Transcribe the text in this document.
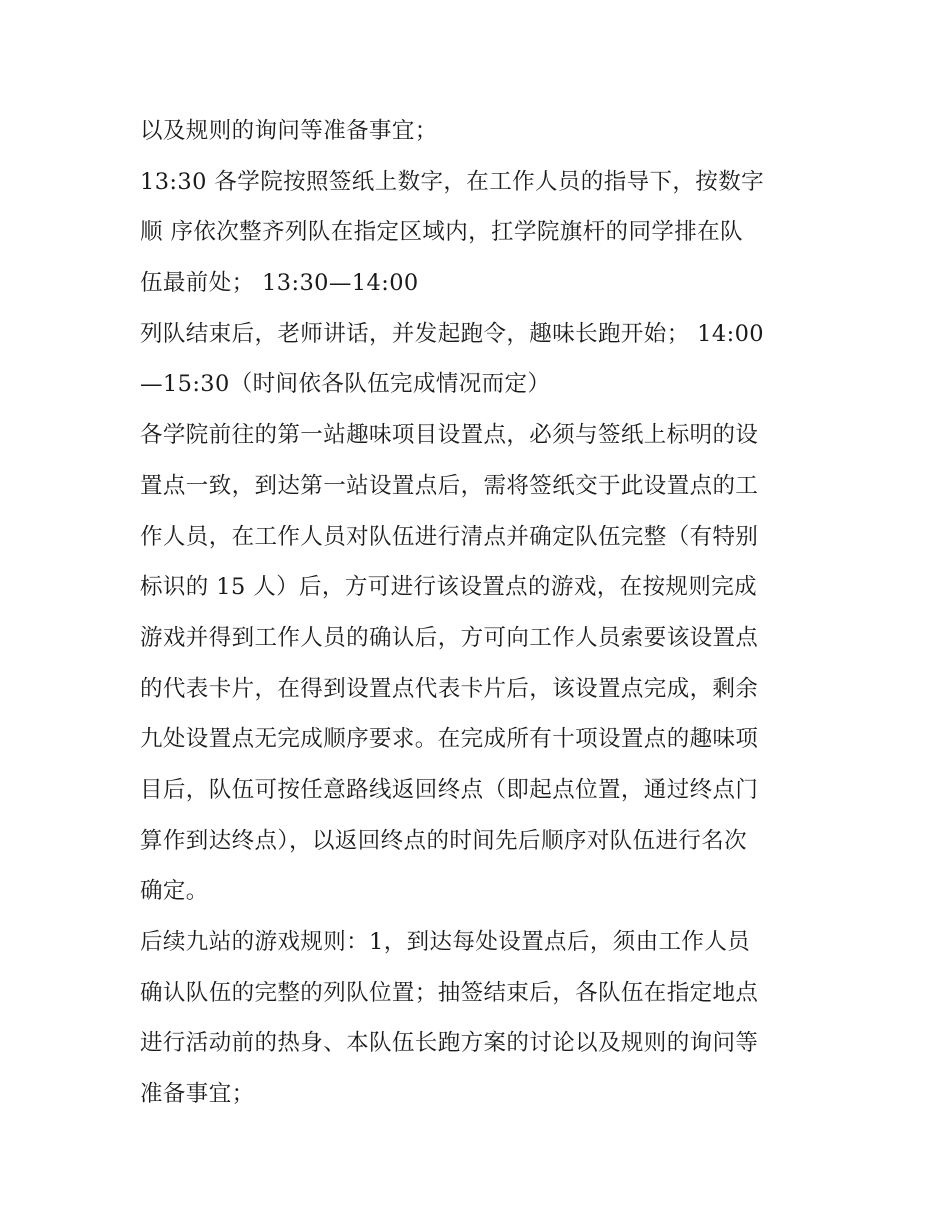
以及规则的询问等准备事宜；
13:30 各学院按照签纸上数字，在工作人员的指导下，按数字
顺 序依次整齐列队在指定区域内，扛学院旗杆的同学排在队
伍最前处； 13:30—14:00
列队结束后，老师讲话，并发起跑令，趣味长跑开始； 14:00
—15:30（时间依各队伍完成情况而定）
各学院前往的第一站趣味项目设置点，必须与签纸上标明的设
置点一致，到达第一站设置点后，需将签纸交于此设置点的工
作人员，在工作人员对队伍进行清点并确定队伍完整（有特别
标识的 15 人）后，方可进行该设置点的游戏，在按规则完成
游戏并得到工作人员的确认后，方可向工作人员索要该设置点
的代表卡片，在得到设置点代表卡片后，该设置点完成，剩余
九处设置点无完成顺序要求。在完成所有十项设置点的趣味项
目后，队伍可按任意路线返回终点（即起点位置，通过终点门
算作到达终点），以返回终点的时间先后顺序对队伍进行名次
确定。
后续九站的游戏规则：1，到达每处设置点后，须由工作人员
确认队伍的完整的列队位置；抽签结束后，各队伍在指定地点
进行活动前的热身、本队伍长跑方案的讨论以及规则的询问等
准备事宜；
